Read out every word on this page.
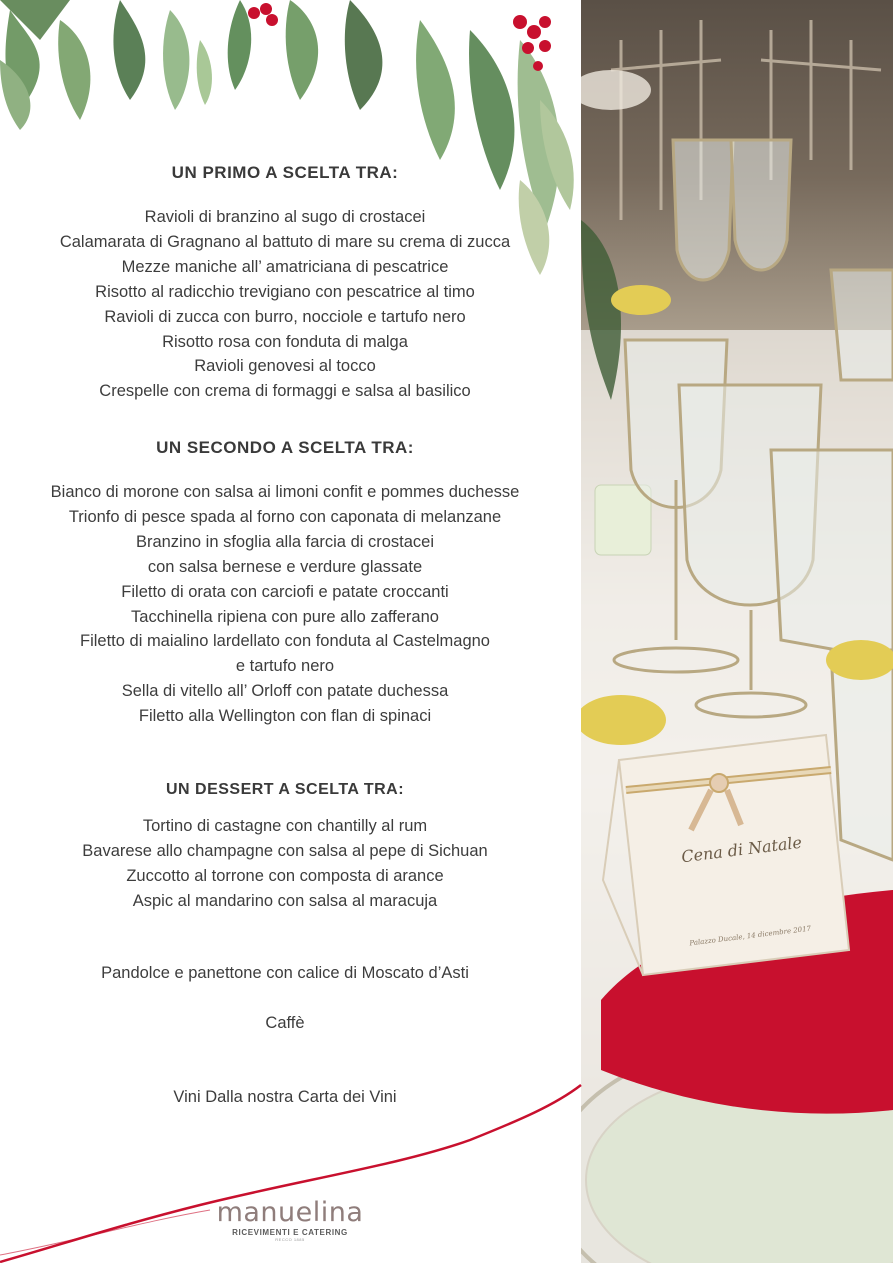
UN PRIMO A SCELTA TRA:
Ravioli di branzino al sugo di crostacei
Calamarata di Gragnano al battuto di mare su crema di zucca
Mezze maniche all’ amatriciana di pescatrice
Risotto al radicchio trevigiano con pescatrice al timo
Ravioli di zucca con burro, nocciole e tartufo nero
Risotto rosa con fonduta di malga
Ravioli genovesi al tocco
Crespelle con crema di formaggi e salsa al basilico
UN SECONDO A SCELTA TRA:
Bianco di morone con salsa ai limoni confit e pommes duchesse
Trionfo di pesce spada al forno con caponata di melanzane
Branzino in sfoglia alla farcia di crostacei
con salsa bernese e verdure glassate
Filetto di orata con carciofi e patate croccanti
Tacchinella ripiena con pure allo zafferano
Filetto di maialino lardellato con fonduta al Castelmagno
e tartufo nero
Sella di vitello all’ Orloff con patate duchessa
Filetto alla Wellington con flan di spinaci
UN DESSERT A SCELTA TRA:
Tortino di castagne con chantilly al rum
Bavarese allo champagne con salsa al pepe di Sichuan
Zuccotto al torrone con composta di arance
Aspic al mandarino con salsa al maracuja

Pandolce e panettone con calice di Moscato d’Asti

Caffè

Vini Dalla nostra Carta dei Vini

manuelina
RICEVIMENTI E CATERING
RECCO 1885
Cena di Natale
Palazzo Ducale, 14 dicembre 2017
